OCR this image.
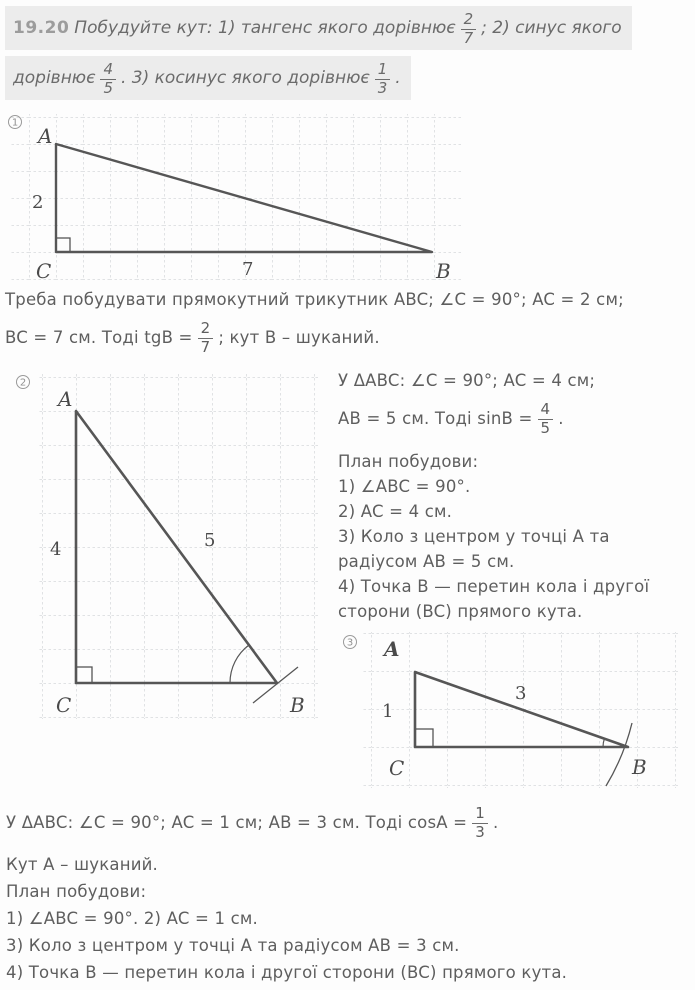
19.20 Побудуйте кут: 1) тангенс якого дорівнює $\frac{2}{7}$ ; 2) синус якого
дорівнює $\frac{4}{5}$ . 3) косинус якого дорівнює $\frac{1}{3}$ .
1
A
C	B
2
7

Треба побудувати прямокутний трикутник ABC; ∠C = 90°; AC = 2 см;

BC = 7 см. Тоді tgB = $\frac{2}{7}$ ; кут B – шуканий.
2
A
C	B
4	5

У ΔABC: ∠C = 90°; AC = 4 см;

AB = 5 см. Тоді $\sin B = \frac{4}{5}$ .

План побудови:

1) ∠ABC = 90°.

2) AC = 4 см.

3) Коло з центром у точці A та радіусом AB = 5 см.

4) Точка B — перетин кола і другої сторони (BC) прямого кута.

3 A
C	B
1
3
У ΔABC: ∠C = 90°; AC = 1 см; AB = 3 см. Тоді $\cos A = \frac{1}{3}$ .

Кут A – шуканий.

План побудови:

1) ∠ABC = 90°. 2) AC = 1 см.

3) Коло з центром у точці A та радіусом AB = 3 см.

4) Точка B — перетин кола і другої сторони (BC) прямого кута.
